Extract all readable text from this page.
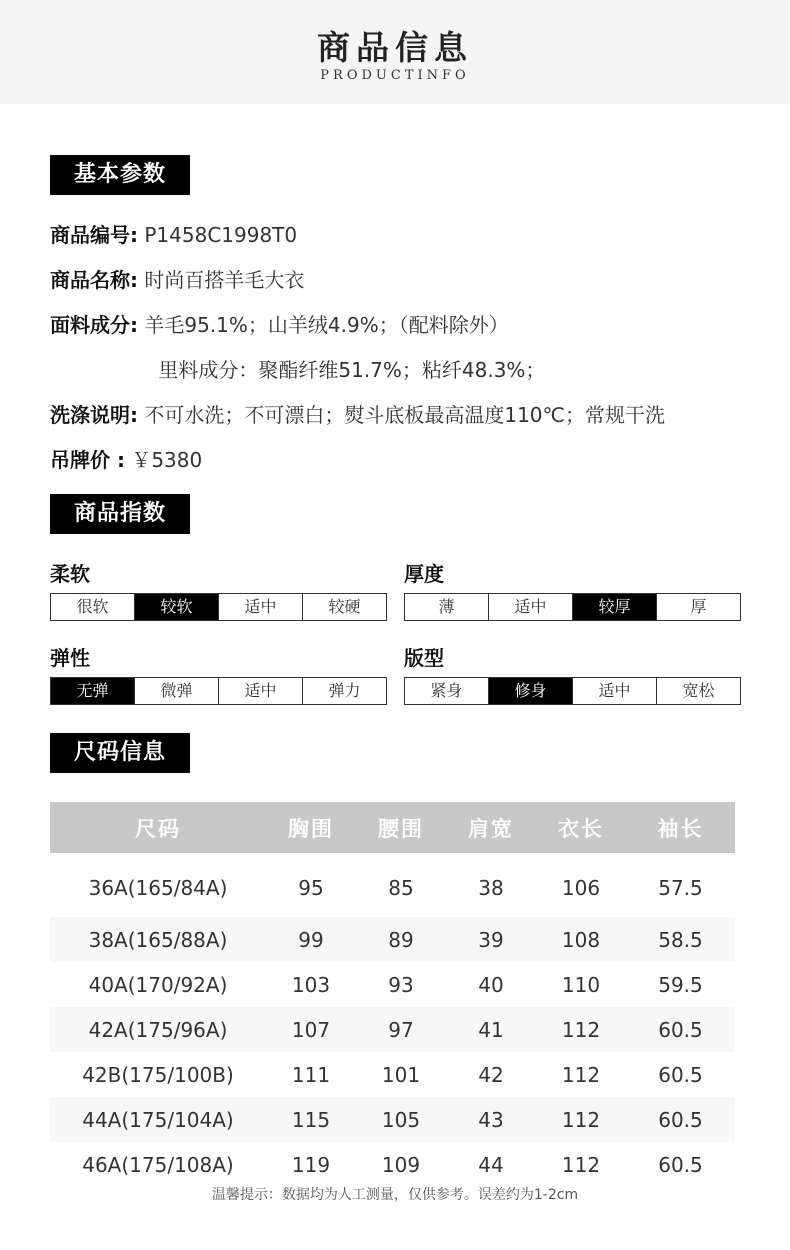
商品信息
PRODUCTINFO
基本参数
商品编号: P1458C1998T0
商品名称: 时尚百搭羊毛大衣
面料成分: 羊毛95.1%；山羊绒4.9%；（配料除外）
里料成分：聚酯纤维51.7%；粘纤48.3%；
洗涤说明: 不可水洗；不可漂白；熨斗底板最高温度110℃；常规干洗
吊牌价 : ￥5380
商品指数
柔软
很软	较软	适中	较硬
厚度
薄	适中	较厚	厚
弹性
无弹	微弹	适中	弹力
版型
紧身	修身	适中	宽松
尺码信息
尺码	胸围	腰围	肩宽	衣长	袖长
36A(165/84A)	95	85	38	106	57.5
38A(165/88A)	99	89	39	108	58.5
40A(170/92A)	103	93	40	110	59.5
42A(175/96A)	107	97	41	112	60.5
42B(175/100B)	111	101	42	112	60.5
44A(175/104A)	115	105	43	112	60.5
46A(175/108A)	119	109	44	112	60.5
温馨提示：数据均为人工测量，仅供参考。误差约为1-2cm
